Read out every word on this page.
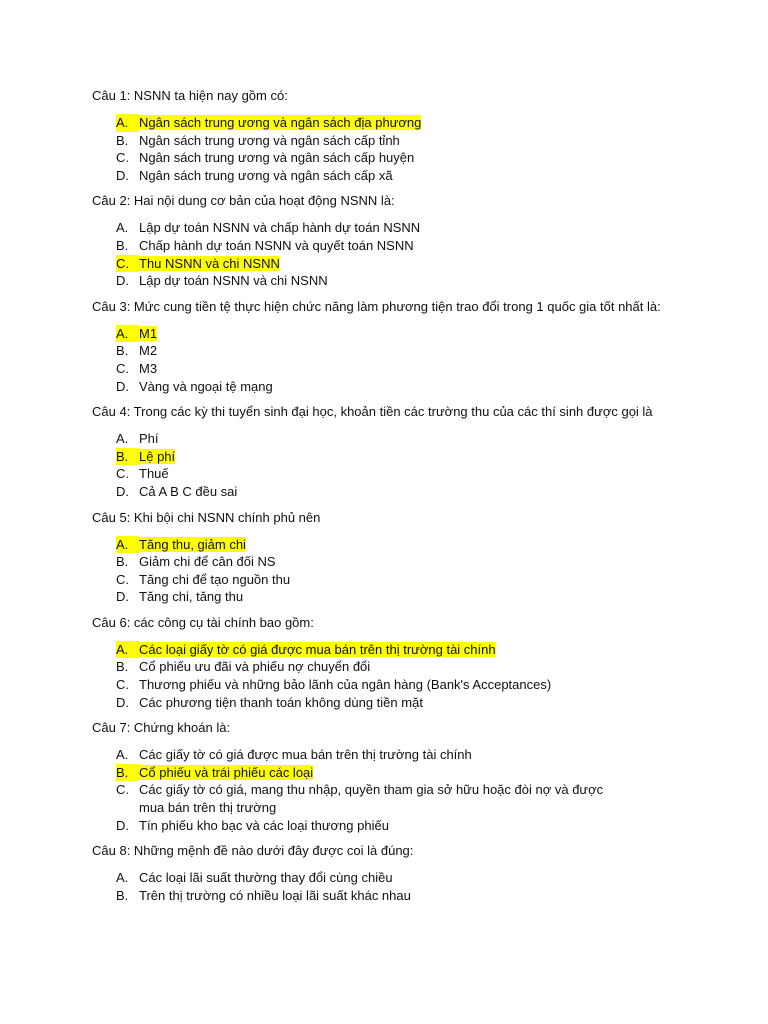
Câu 1: NSNN ta hiện nay gồm có:
A. Ngân sách trung ương và ngân sách địa phương
B. Ngân sách trung ương và ngân sách cấp tỉnh
C. Ngân sách trung ương và ngân sách cấp huyện
D. Ngân sách trung ương và ngân sách cấp xã
Câu 2: Hai nội dung cơ bản của hoạt động NSNN là:
A. Lập dự toán NSNN và chấp hành dự toán NSNN
B. Chấp hành dự toán NSNN và quyết toán NSNN
C. Thu NSNN và chi NSNN
D. Lập dự toán NSNN và chi NSNN
Câu 3: Mức cung tiền tệ thực hiện chức năng làm phương tiện trao đổi trong 1 quốc gia tốt nhất là:
A. M1
B. M2
C. M3
D. Vàng và ngoại tệ mạng
Câu 4: Trong các kỳ thi tuyển sinh đại học, khoản tiền các trường thu của các thí sinh được gọi là
A. Phí
B. Lệ phí
C. Thuế
D. Cả A B C đều sai
Câu 5: Khi bội chi NSNN chính phủ nên
A. Tăng thu, giảm chi
B. Giảm chi để cân đối NS
C. Tăng chi để tạo nguồn thu
D. Tăng chi, tăng thu
Câu 6: các công cụ tài chính bao gồm:
A. Các loại giấy tờ có giá được mua bán trên thị trường tài chính
B. Cổ phiếu ưu đãi và phiếu nợ chuyển đổi
C. Thương phiếu và những bảo lãnh của ngân hàng (Bank's Acceptances)
D. Các phương tiện thanh toán không dùng tiền mặt
Câu 7: Chứng khoán là:
A. Các giấy tờ có giá được mua bán trên thị trường tài chính
B. Cổ phiếu và trái phiếu các loại
C. Các giấy tờ có giá, mang thu nhập, quyền tham gia sở hữu hoặc đòi nợ và được mua bán trên thị trường
D. Tín phiếu kho bạc và các loại thương phiếu
Câu 8: Những mệnh đề nào dưới đây được coi là đúng:
A. Các loại lãi suất thường thay đổi cùng chiều
B. Trên thị trường có nhiều loại lãi suất khác nhau
